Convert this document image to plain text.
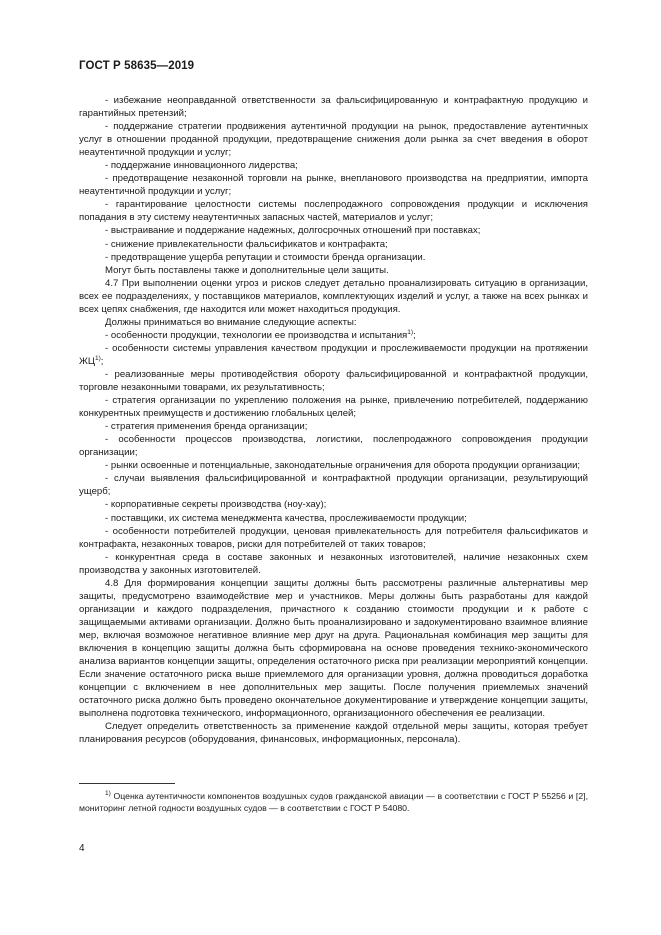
ГОСТ Р 58635—2019

- избежание неоправданной ответственности за фальсифицированную и контрафактную продукцию и гарантийных претензий;

- поддержание стратегии продвижения аутентичной продукции на рынок, предоставление аутентичных услуг в отношении проданной продукции, предотвращение снижения доли рынка за счет введения в оборот неаутентичной продукции и услуг;

- поддержание инновационного лидерства;

- предотвращение незаконной торговли на рынке, внепланового производства на предприятии, импорта неаутентичной продукции и услуг;

- гарантирование целостности системы послепродажного сопровождения продукции и исключения попадания в эту систему неаутентичных запасных частей, материалов и услуг;

- выстраивание и поддержание надежных, долгосрочных отношений при поставках;

- снижение привлекательности фальсификатов и контрафакта;

- предотвращение ущерба репутации и стоимости бренда организации.

Могут быть поставлены также и дополнительные цели защиты.

4.7 При выполнении оценки угроз и рисков следует детально проанализировать ситуацию в организации, всех ее подразделениях, у поставщиков материалов, комплектующих изделий и услуг, а также на всех рынках и всех цепях снабжения, где находится или может находиться продукция.

Должны приниматься во внимание следующие аспекты:

- особенности продукции, технологии ее производства и испытания$^{1)}$;

- особенности системы управления качеством продукции и прослеживаемости продукции на протяжении ЖЦ$^{1)}$;

- реализованные меры противодействия обороту фальсифицированной и контрафактной продукции, торговле незаконными товарами, их результативность;

- стратегия организации по укреплению положения на рынке, привлечению потребителей, поддержанию конкурентных преимуществ и достижению глобальных целей;

- стратегия применения бренда организации;

- особенности процессов производства, логистики, послепродажного сопровождения продукции организации;

- рынки освоенные и потенциальные, законодательные ограничения для оборота продукции организации;

- случаи выявления фальсифицированной и контрафактной продукции организации, результирующий ущерб;

- корпоративные секреты производства (ноу-хау);

- поставщики, их система менеджмента качества, прослеживаемости продукции;

- особенности потребителей продукции, ценовая привлекательность для потребителя фальсификатов и контрафакта, незаконных товаров, риски для потребителей от таких товаров;

- конкурентная среда в составе законных и незаконных изготовителей, наличие незаконных схем производства у законных изготовителей.

4.8 Для формирования концепции защиты должны быть рассмотрены различные альтернативы мер защиты, предусмотрено взаимодействие мер и участников. Меры должны быть разработаны для каждой организации и каждого подразделения, причастного к созданию стоимости продукции и к работе с защищаемыми активами организации. Должно быть проанализировано и задокументировано взаимное влияние мер, включая возможное негативное влияние мер друг на друга. Рациональная комбинация мер защиты для включения в концепцию защиты должна быть сформирована на основе проведения технико-экономического анализа вариантов концепции защиты, определения остаточного риска при реализации мероприятий концепции. Если значение остаточного риска выше приемлемого для организации уровня, должна проводиться доработка концепции с включением в нее дополнительных мер защиты. После получения приемлемых значений остаточного риска должно быть проведено окончательное документирование и утверждение концепции защиты, выполнена подготовка технического, информационного, организационного обеспечения ее реализации.

Следует определить ответственность за применение каждой отдельной меры защиты, которая требует планирования ресурсов (оборудования, финансовых, информационных, персонала).

$^{1)}$ Оценка аутентичности компонентов воздушных судов гражданской авиации — в соответствии с ГОСТ Р 55256 и [2], мониторинг летной годности воздушных судов — в соответствии с ГОСТ Р 54080.

4
